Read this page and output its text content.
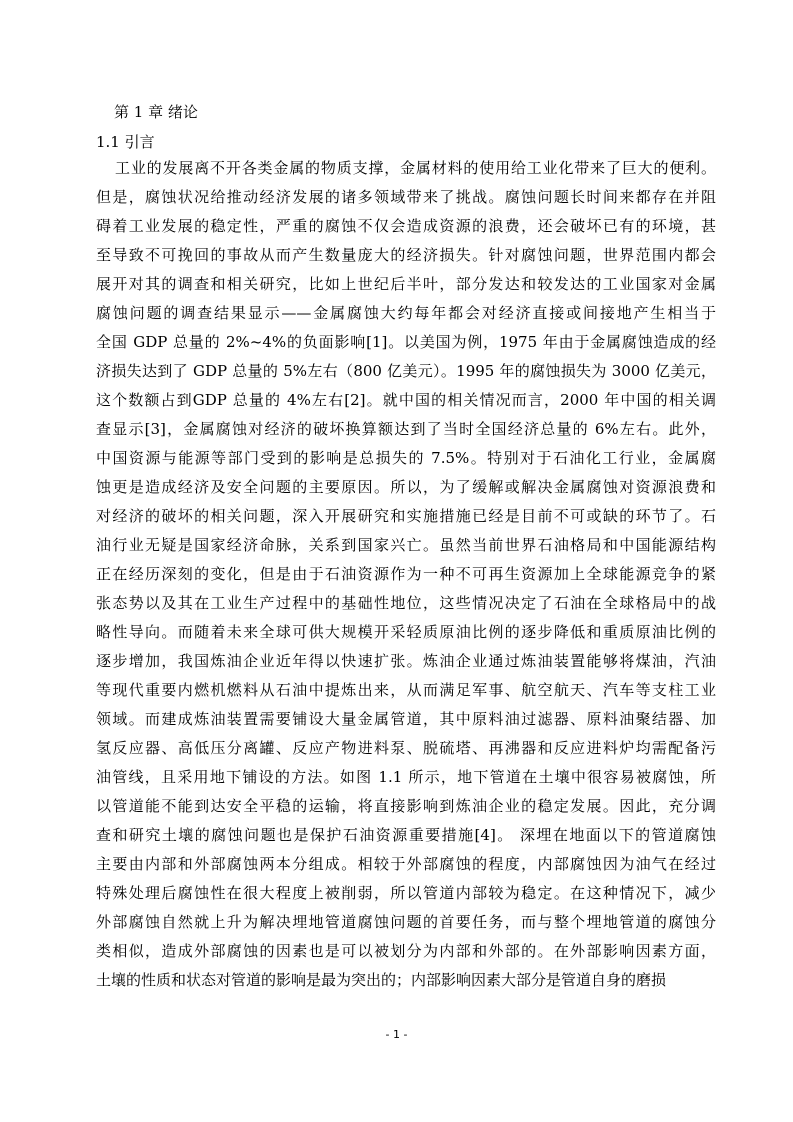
第 1 章 绪论
1.1 引言
工业的发展离不开各类金属的物质支撑，金属材料的使用给工业化带来了巨大的便利。
但是，腐蚀状况给推动经济发展的诸多领域带来了挑战。腐蚀问题长时间来都存在并阻
碍着工业发展的稳定性，严重的腐蚀不仅会造成资源的浪费，还会破坏已有的环境，甚
至导致不可挽回的事故从而产生数量庞大的经济损失。针对腐蚀问题，世界范围内都会
展开对其的调查和相关研究，比如上世纪后半叶，部分发达和较发达的工业国家对金属
腐蚀问题的调查结果显示——金属腐蚀大约每年都会对经济直接或间接地产生相当于
全国 GDP 总量的 2%~4%的负面影响[1]。以美国为例，1975 年由于金属腐蚀造成的经
济损失达到了 GDP 总量的 5%左右（800 亿美元）。1995 年的腐蚀损失为 3000 亿美元，
这个数额占到GDP 总量的 4%左右[2]。就中国的相关情况而言，2000 年中国的相关调
查显示[3]，金属腐蚀对经济的破坏换算额达到了当时全国经济总量的 6%左右。此外，
中国资源与能源等部门受到的影响是总损失的 7.5%。特别对于石油化工行业，金属腐
蚀更是造成经济及安全问题的主要原因。所以，为了缓解或解决金属腐蚀对资源浪费和
对经济的破坏的相关问题，深入开展研究和实施措施已经是目前不可或缺的环节了。石
油行业无疑是国家经济命脉，关系到国家兴亡。虽然当前世界石油格局和中国能源结构
正在经历深刻的变化，但是由于石油资源作为一种不可再生资源加上全球能源竞争的紧
张态势以及其在工业生产过程中的基础性地位，这些情况决定了石油在全球格局中的战
略性导向。而随着未来全球可供大规模开采轻质原油比例的逐步降低和重质原油比例的
逐步增加，我国炼油企业近年得以快速扩张。炼油企业通过炼油装置能够将煤油，汽油
等现代重要内燃机燃料从石油中提炼出来，从而满足军事、航空航天、汽车等支柱工业
领域。而建成炼油装置需要铺设大量金属管道，其中原料油过滤器、原料油聚结器、加
氢反应器、高低压分离罐、反应产物进料泵、脱硫塔、再沸器和反应进料炉均需配备污
油管线，且采用地下铺设的方法。如图 1.1 所示，地下管道在土壤中很容易被腐蚀，所
以管道能不能到达安全平稳的运输，将直接影响到炼油企业的稳定发展。因此，充分调
查和研究土壤的腐蚀问题也是保护石油资源重要措施[4]。 深埋在地面以下的管道腐蚀
主要由内部和外部腐蚀两本分组成。相较于外部腐蚀的程度，内部腐蚀因为油气在经过
特殊处理后腐蚀性在很大程度上被削弱，所以管道内部较为稳定。在这种情况下，减少
外部腐蚀自然就上升为解决埋地管道腐蚀问题的首要任务，而与整个埋地管道的腐蚀分
类相似，造成外部腐蚀的因素也是可以被划分为内部和外部的。在外部影响因素方面，
土壤的性质和状态对管道的影响是最为突出的；内部影响因素大部分是管道自身的磨损
- 1 -
